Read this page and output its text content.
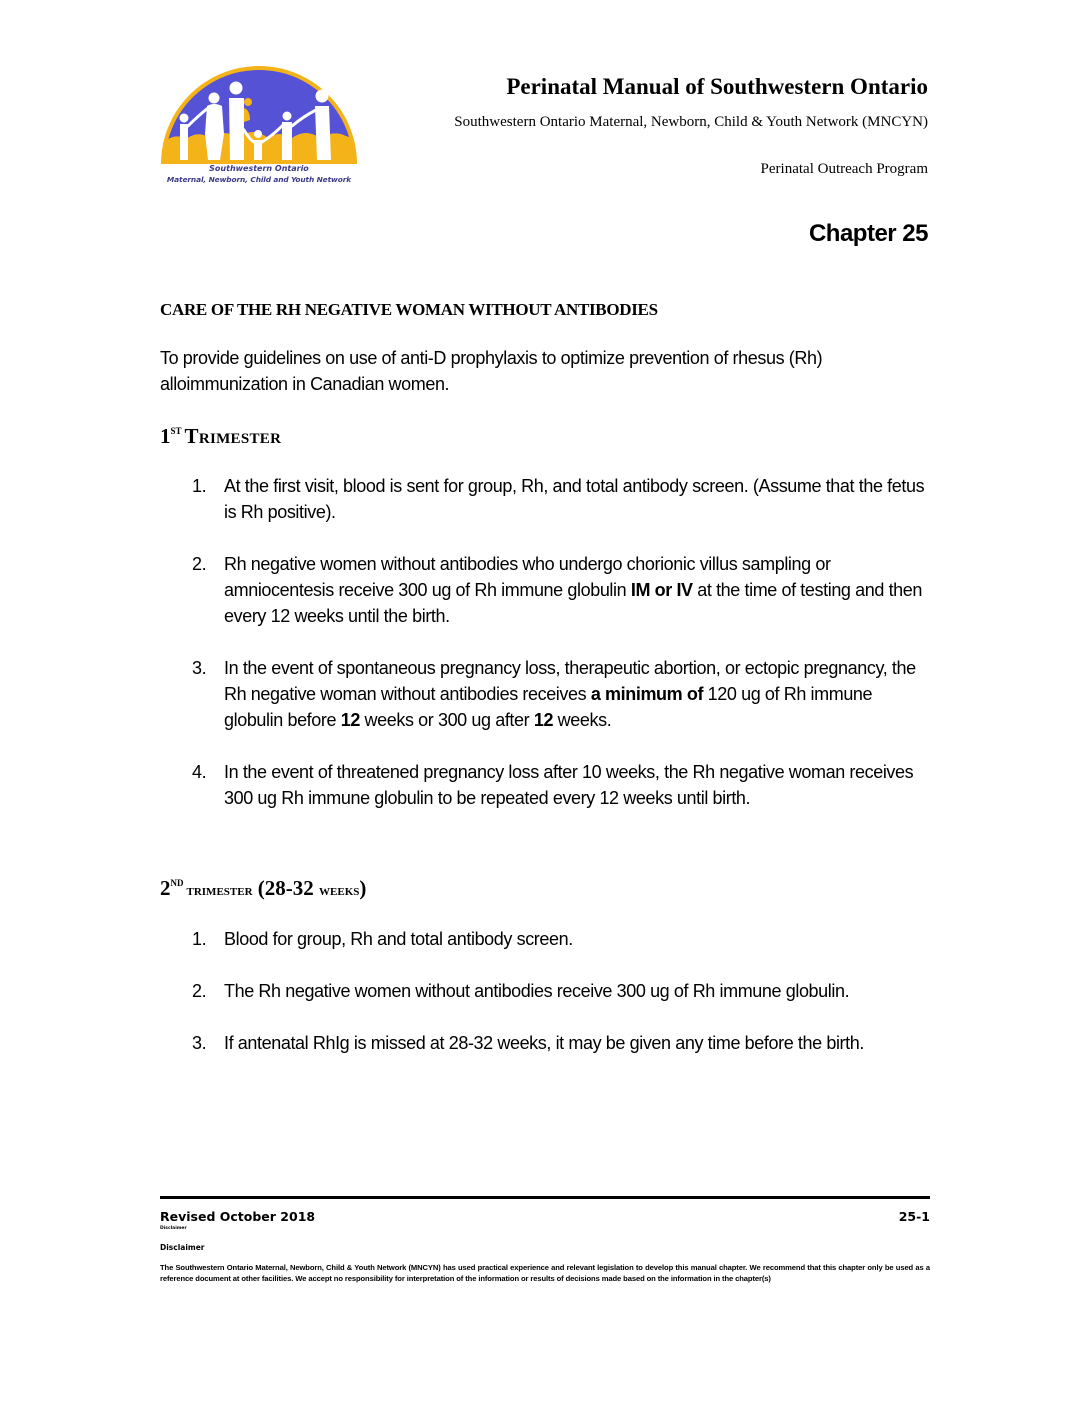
Southwestern Ontario
Maternal, Newborn, Child and Youth Network
Perinatal Manual of Southwestern Ontario
Southwestern Ontario Maternal, Newborn, Child & Youth Network (MNCYN)
Perinatal Outreach Program
Chapter 25
CARE OF THE RH NEGATIVE WOMAN WITHOUT ANTIBODIES
To provide guidelines on use of anti-D prophylaxis to optimize prevention of rhesus (Rh) alloimmunization in Canadian women.
1ST Trimester
1. At the first visit, blood is sent for group, Rh, and total antibody screen. (Assume that the fetus is Rh positive).
2. Rh negative women without antibodies who undergo chorionic villus sampling or amniocentesis receive 300 ug of Rh immune globulin IM or IV at the time of testing and then every 12 weeks until the birth.
3. In the event of spontaneous pregnancy loss, therapeutic abortion, or ectopic pregnancy, the Rh negative woman without antibodies receives a minimum of 120 ug of Rh immune globulin before 12 weeks or 300 ug after 12 weeks.
4. In the event of threatened pregnancy loss after 10 weeks, the Rh negative woman receives 300 ug Rh immune globulin to be repeated every 12 weeks until birth.
2ND trimester (28-32 weeks)
1. Blood for group, Rh and total antibody screen.
2. The Rh negative women without antibodies receive 300 ug of Rh immune globulin.
3. If antenatal RhIg is missed at 28-32 weeks, it may be given any time before the birth.
Revised October 2018	25-1
Disclaimer
Disclaimer
The Southwestern Ontario Maternal, Newborn, Child & Youth Network (MNCYN) has used practical experience and relevant legislation to develop this manual chapter. We recommend that this chapter only be used as a reference document at other facilities. We accept no responsibility for interpretation of the information or results of decisions made based on the information in the chapter(s)
